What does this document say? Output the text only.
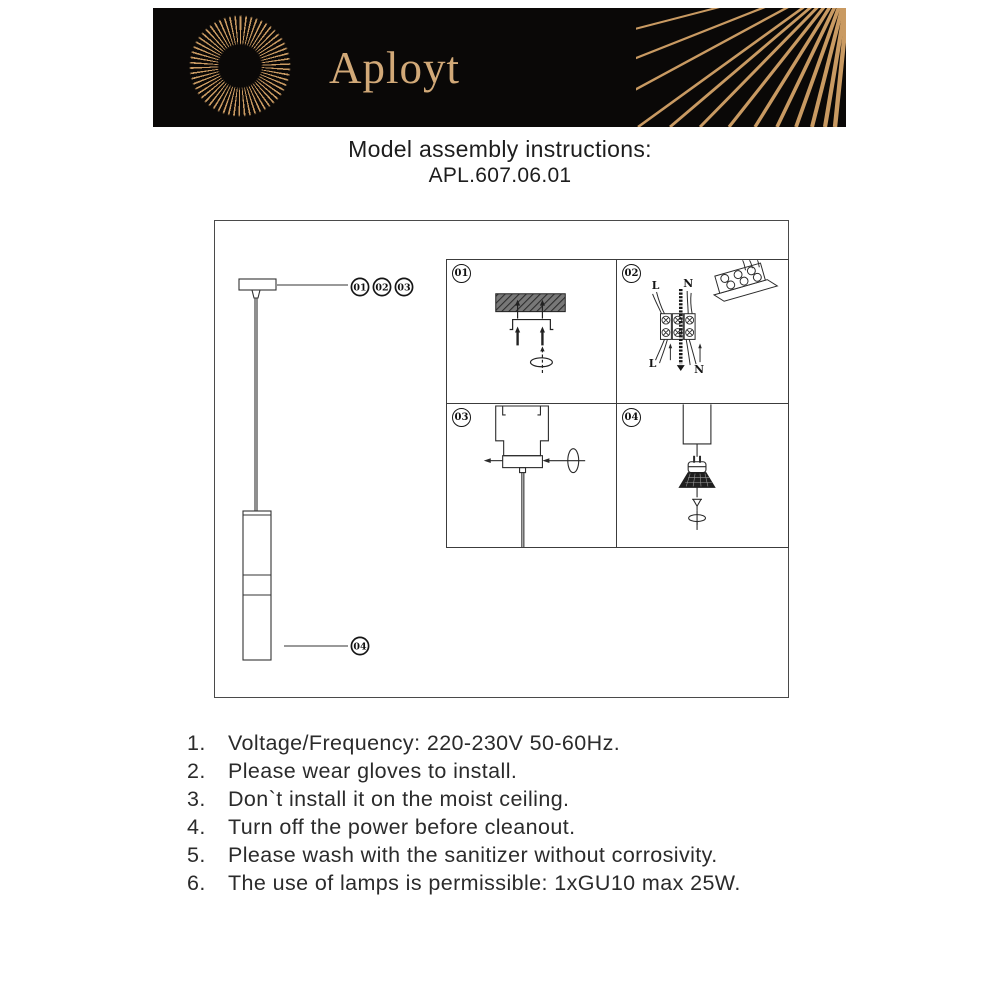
Aployt
Model assembly instructions:
APL.607.06.01
01 02 03
04
01
L N
L	N
02
03	04
1.	Voltage/Frequency: 220-230V 50-60Hz.
2.	Please wear gloves to install.
3.	Don`t install it on the moist ceiling.
4.	Turn off the power before cleanout.
5.	Please wash with the sanitizer without corrosivity.
6.	The use of lamps is permissible: 1xGU10 max 25W.
